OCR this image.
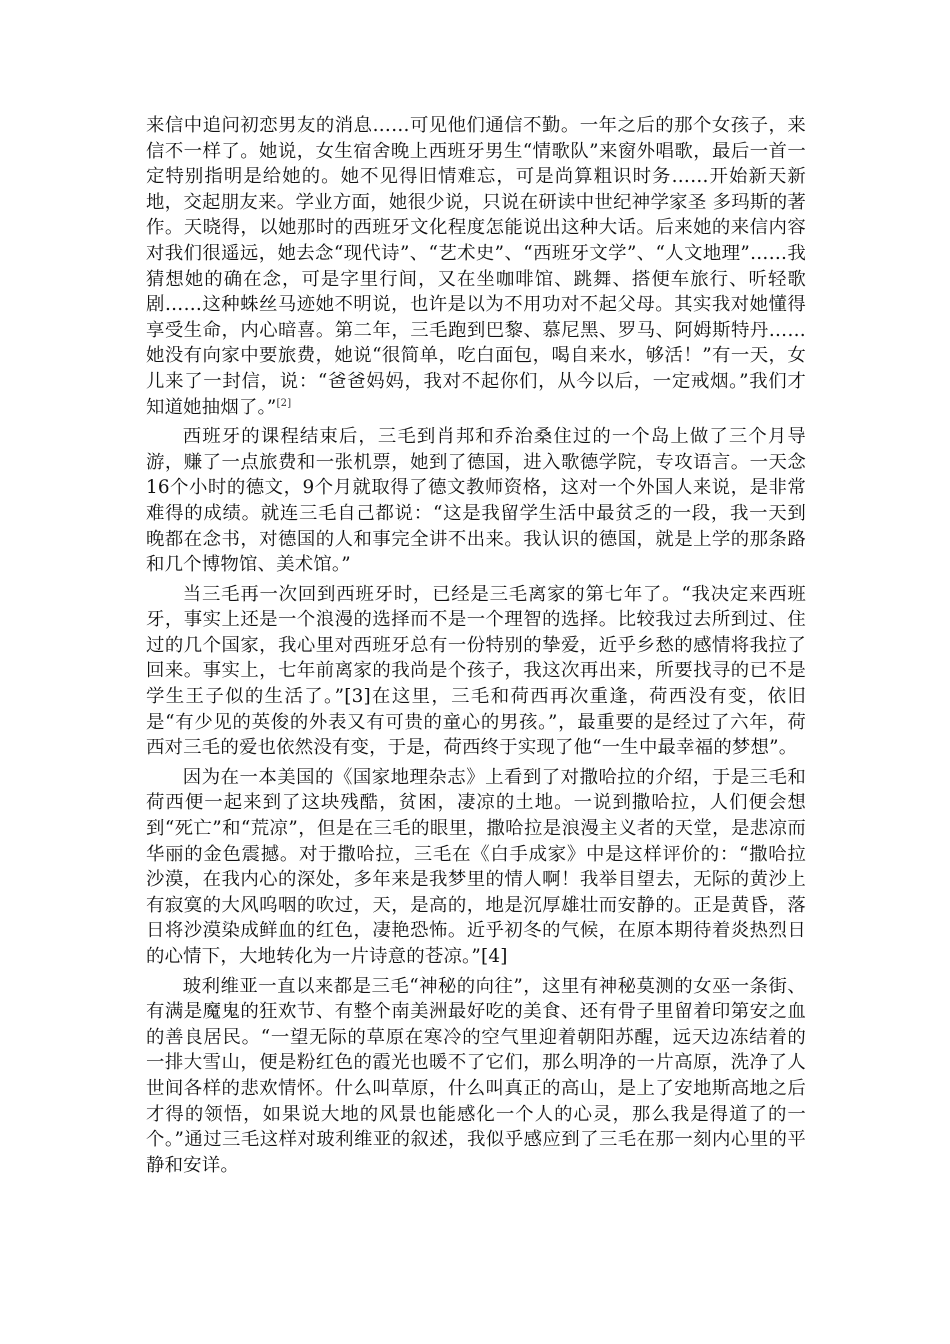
来信中追问初恋男友的消息……可见他们通信不勤。一年之后的那个女孩子，来信不一样了。她说，女生宿舍晚上西班牙男生“情歌队”来窗外唱歌，最后一首一定特别指明是给她的。她不见得旧情难忘，可是尚算粗识时务……开始新天新地，交起朋友来。学业方面，她很少说，只说在研读中世纪神学家圣 多玛斯的著作。天晓得，以她那时的西班牙文化程度怎能说出这种大话。后来她的来信内容对我们很遥远，她去念“现代诗”、“艺术史”、“西班牙文学”、“人文地理”……我猜想她的确在念，可是字里行间，又在坐咖啡馆、跳舞、搭便车旅行、听轻歌剧……这种蛛丝马迹她不明说，也许是以为不用功对不起父母。其实我对她懂得享受生命，内心暗喜。第二年，三毛跑到巴黎、慕尼黑、罗马、阿姆斯特丹……她没有向家中要旅费，她说“很简单，吃白面包，喝自来水，够活！”有一天，女儿来了一封信，说：“爸爸妈妈，我对不起你们，从今以后，一定戒烟。”我们才知道她抽烟了。”[2]

西班牙的课程结束后，三毛到肖邦和乔治桑住过的一个岛上做了三个月导游，赚了一点旅费和一张机票，她到了德国，进入歌德学院，专攻语言。一天念16个小时的德文，9个月就取得了德文教师资格，这对一个外国人来说，是非常难得的成绩。就连三毛自己都说：“这是我留学生活中最贫乏的一段，我一天到晚都在念书，对德国的人和事完全讲不出来。我认识的德国，就是上学的那条路和几个博物馆、美术馆。”

当三毛再一次回到西班牙时，已经是三毛离家的第七年了。“我决定来西班牙，事实上还是一个浪漫的选择而不是一个理智的选择。比较我过去所到过、住过的几个国家，我心里对西班牙总有一份特别的挚爱，近乎乡愁的感情将我拉了回来。事实上，七年前离家的我尚是个孩子，我这次再出来，所要找寻的已不是学生王子似的生活了。”[3]在这里，三毛和荷西再次重逢，荷西没有变，依旧是“有少见的英俊的外表又有可贵的童心的男孩。”，最重要的是经过了六年，荷西对三毛的爱也依然没有变，于是，荷西终于实现了他“一生中最幸福的梦想”。

因为在一本美国的《国家地理杂志》上看到了对撒哈拉的介绍，于是三毛和荷西便一起来到了这块残酷，贫困，凄凉的土地。一说到撒哈拉，人们便会想到“死亡”和“荒凉”，但是在三毛的眼里，撒哈拉是浪漫主义者的天堂，是悲凉而华丽的金色震撼。对于撒哈拉，三毛在《白手成家》中是这样评价的：“撒哈拉沙漠，在我内心的深处，多年来是我梦里的情人啊！我举目望去，无际的黄沙上有寂寞的大风呜咽的吹过，天，是高的，地是沉厚雄壮而安静的。正是黄昏，落日将沙漠染成鲜血的红色，凄艳恐怖。近乎初冬的气候，在原本期待着炎热烈日的心情下，大地转化为一片诗意的苍凉。”[4]

玻利维亚一直以来都是三毛“神秘的向往”，这里有神秘莫测的女巫一条街、有满是魔鬼的狂欢节、有整个南美洲最好吃的美食、还有骨子里留着印第安之血的善良居民。“一望无际的草原在寒冷的空气里迎着朝阳苏醒，远天边冻结着的一排大雪山，便是粉红色的霞光也暖不了它们，那么明净的一片高原，洗净了人世间各样的悲欢情怀。什么叫草原，什么叫真正的高山，是上了安地斯高地之后才得的领悟，如果说大地的风景也能感化一个人的心灵，那么我是得道了的一个。”通过三毛这样对玻利维亚的叙述，我似乎感应到了三毛在那一刻内心里的平静和安详。
